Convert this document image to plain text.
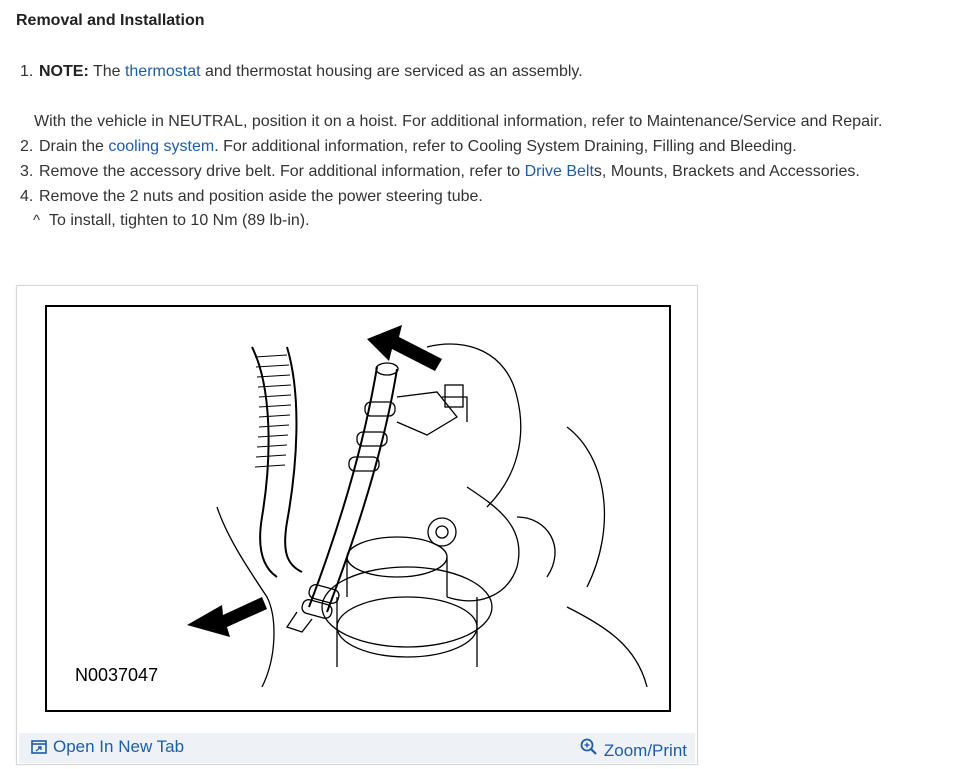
Removal and Installation
1. NOTE: The thermostat and thermostat housing are serviced as an assembly.
With the vehicle in NEUTRAL, position it on a hoist. For additional information, refer to Maintenance/Service and Repair.
2. Drain the cooling system. For additional information, refer to Cooling System Draining, Filling and Bleeding.
3. Remove the accessory drive belt. For additional information, refer to Drive Belts, Mounts, Brackets and Accessories.
4. Remove the 2 nuts and position aside the power steering tube.
^ To install, tighten to 10 Nm (89 lb-in).
N0037047
Open In New Tab	Zoom/Print
